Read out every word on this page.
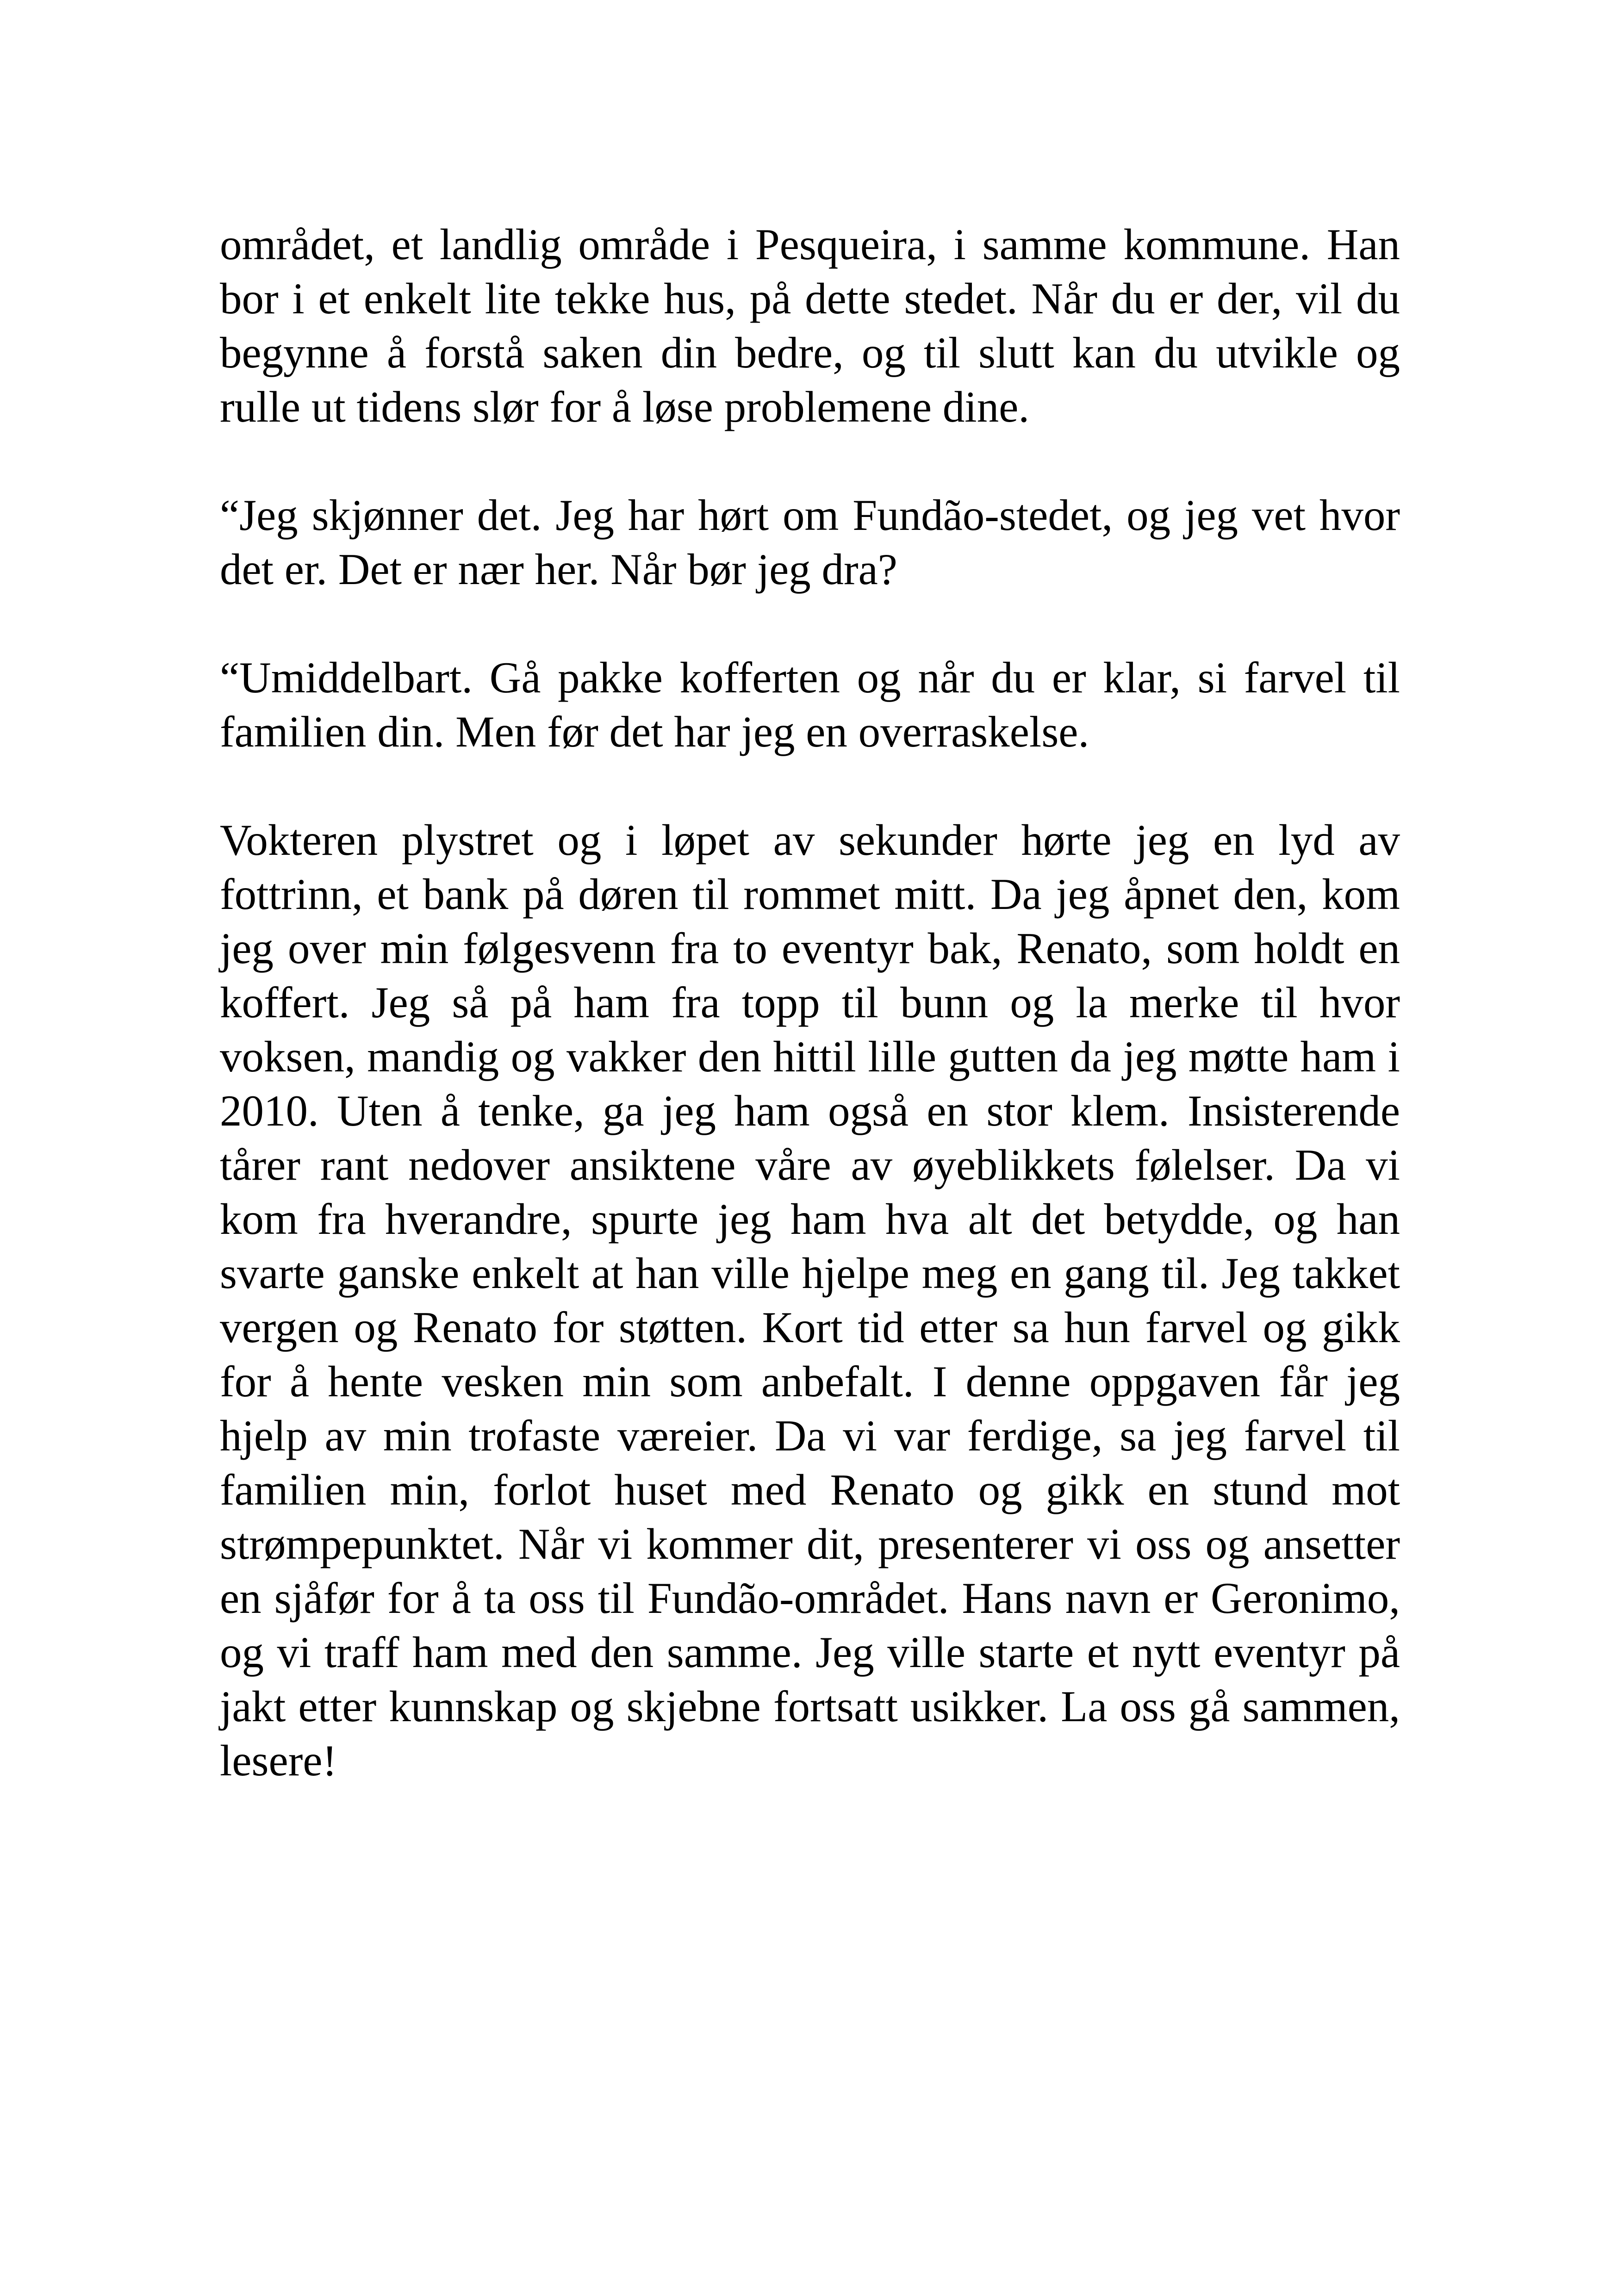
området, et landlig område i Pesqueira, i samme kommune. Han bor i et enkelt lite tekke hus, på dette stedet. Når du er der, vil du begynne å forstå saken din bedre, og til slutt kan du utvikle og rulle ut tidens slør for å løse problemene dine.

“Jeg skjønner det. Jeg har hørt om Fundão-stedet, og jeg vet hvor det er. Det er nær her. Når bør jeg dra?

“Umiddelbart. Gå pakke kofferten og når du er klar, si farvel til familien din. Men før det har jeg en overraskelse.

Vokteren plystret og i løpet av sekunder hørte jeg en lyd av fottrinn, et bank på døren til rommet mitt. Da jeg åpnet den, kom jeg over min følgesvenn fra to eventyr bak, Renato, som holdt en koffert. Jeg så på ham fra topp til bunn og la merke til hvor voksen, mandig og vakker den hittil lille gutten da jeg møtte ham i 2010. Uten å tenke, ga jeg ham også en stor klem. Insisterende tårer rant nedover ansiktene våre av øyeblikkets følelser. Da vi kom fra hverandre, spurte jeg ham hva alt det betydde, og han svarte ganske enkelt at han ville hjelpe meg en gang til. Jeg takket vergen og Renato for støtten. Kort tid etter sa hun farvel og gikk for å hente vesken min som anbefalt. I denne oppgaven får jeg hjelp av min trofaste væreier. Da vi var ferdige, sa jeg farvel til familien min, forlot huset med Renato og gikk en stund mot strømpepunktet. Når vi kommer dit, presenterer vi oss og ansetter en sjåfør for å ta oss til Fundão-området. Hans navn er Geronimo, og vi traff ham med den samme. Jeg ville starte et nytt eventyr på jakt etter kunnskap og skjebne fortsatt usikker. La oss gå sammen, lesere!
